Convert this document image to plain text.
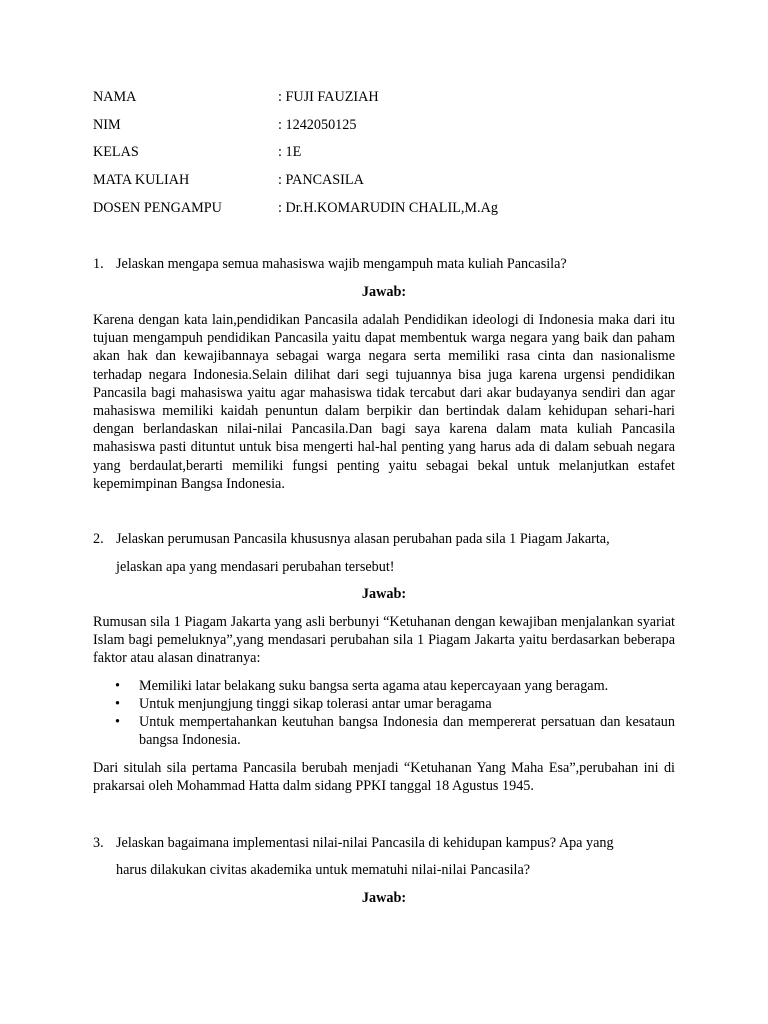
NAMA	: FUJI FAUZIAH
NIM	: 1242050125
KELAS	: 1E
MATA KULIAH	: PANCASILA
DOSEN PENGAMPU	: Dr.H.KOMARUDIN CHALIL,M.Ag
1. Jelaskan mengapa semua mahasiswa wajib mengampuh mata kuliah Pancasila?
Jawab:

Karena dengan kata lain,pendidikan Pancasila adalah Pendidikan ideologi di Indonesia maka dari itu tujuan mengampuh pendidikan Pancasila yaitu dapat membentuk warga negara yang baik dan paham akan hak dan kewajibannaya sebagai warga negara serta memiliki rasa cinta dan nasionalisme terhadap negara Indonesia.Selain dilihat dari segi tujuannya bisa juga karena urgensi pendidikan Pancasila bagi mahasiswa yaitu agar mahasiswa tidak tercabut dari akar budayanya sendiri dan agar mahasiswa memiliki kaidah penuntun dalam berpikir dan bertindak dalam kehidupan sehari-hari dengan berlandaskan nilai-nilai Pancasila.Dan bagi saya karena dalam mata kuliah Pancasila mahasiswa pasti dituntut untuk bisa mengerti hal-hal penting yang harus ada di dalam sebuah negara yang berdaulat,berarti memiliki fungsi penting yaitu sebagai bekal untuk melanjutkan estafet kepemimpinan Bangsa Indonesia.

2. Jelaskan perumusan Pancasila khususnya alasan perubahan pada sila 1 Piagam Jakarta,
jelaskan apa yang mendasari perubahan tersebut!
Jawab:

Rumusan sila 1 Piagam Jakarta yang asli berbunyi “Ketuhanan dengan kewajiban menjalankan syariat Islam bagi pemeluknya”,yang mendasari perubahan sila 1 Piagam Jakarta yaitu berdasarkan beberapa faktor atau alasan dinatranya:

• Memiliki latar belakang suku bangsa serta agama atau kepercayaan yang beragam.
• Untuk menjungjung tinggi sikap tolerasi antar umar beragama
• Untuk mempertahankan keutuhan bangsa Indonesia dan mempererat persatuan dan kesataun bangsa Indonesia.

Dari situlah sila pertama Pancasila berubah menjadi “Ketuhanan Yang Maha Esa”,perubahan ini di prakarsai oleh Mohammad Hatta dalm sidang PPKI tanggal 18 Agustus 1945.

3. Jelaskan bagaimana implementasi nilai-nilai Pancasila di kehidupan kampus? Apa yang
harus dilakukan civitas akademika untuk mematuhi nilai-nilai Pancasila?
Jawab:
